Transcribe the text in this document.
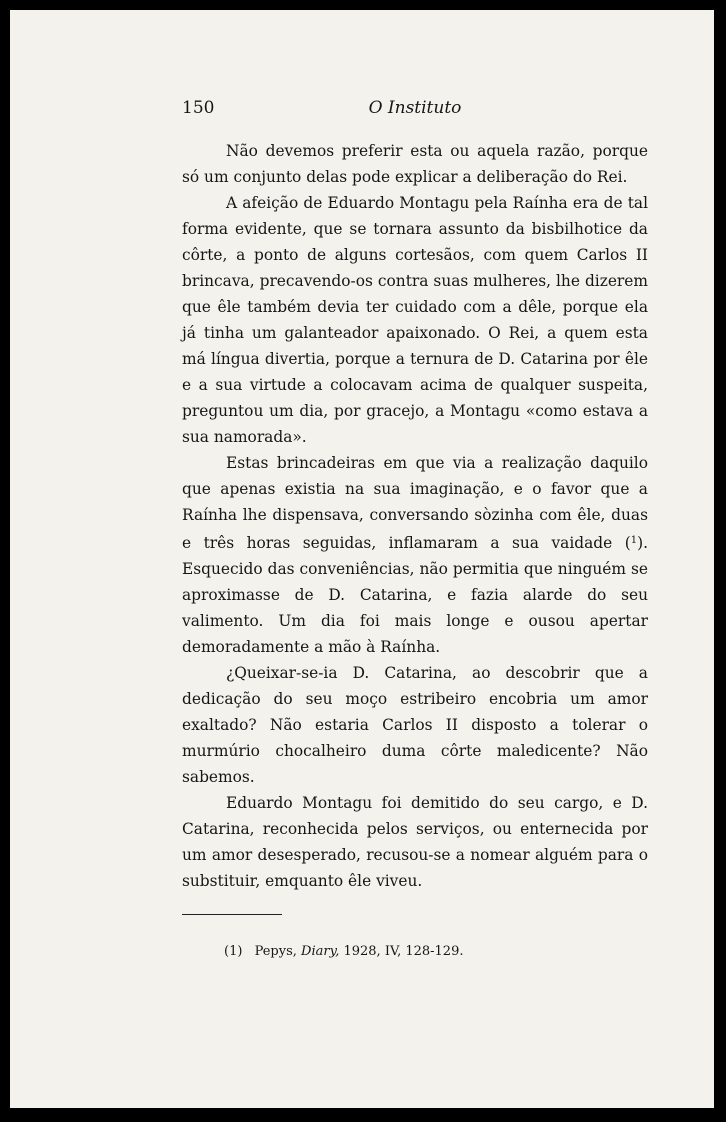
150	O Instituto

Não devemos preferir esta ou aquela razão, porque só um conjunto delas pode explicar a deliberação do Rei.

A afeição de Eduardo Montagu pela Raínha era de tal forma evidente, que se tornara assunto da bisbilhotice da côrte, a ponto de alguns cortesãos, com quem Carlos II brincava, precavendo-os contra suas mulheres, lhe dizerem que êle também devia ter cuidado com a dêle, porque ela já tinha um galanteador apaixonado. O Rei, a quem esta má língua divertia, porque a ternura de D. Catarina por êle e a sua virtude a colocavam acima de qualquer suspeita, preguntou um dia, por gracejo, a Montagu «como estava a sua namorada».

Estas brincadeiras em que via a realização daquilo que apenas existia na sua imaginação, e o favor que a Raínha lhe dispensava, conversando sòzinha com êle, duas e três horas seguidas, inflamaram a sua vaidade ($^1$). Esquecido das conveniências, não permitia que ninguém se aproximasse de D. Catarina, e fazia alarde do seu valimento. Um dia foi mais longe e ousou apertar demoradamente a mão à Raínha.

¿Queixar-se-ia D. Catarina, ao descobrir que a dedicação do seu moço estribeiro encobria um amor exaltado? Não estaria Carlos II disposto a tolerar o murmúrio chocalheiro duma côrte maledicente? Não sabemos.

Eduardo Montagu foi demitido do seu cargo, e D. Catarina, reconhecida pelos serviços, ou enternecida por um amor desesperado, recusou-se a nomear alguém para o substituir, emquanto êle viveu.

(1) Pepys, Diary, 1928, IV, 128-129.
